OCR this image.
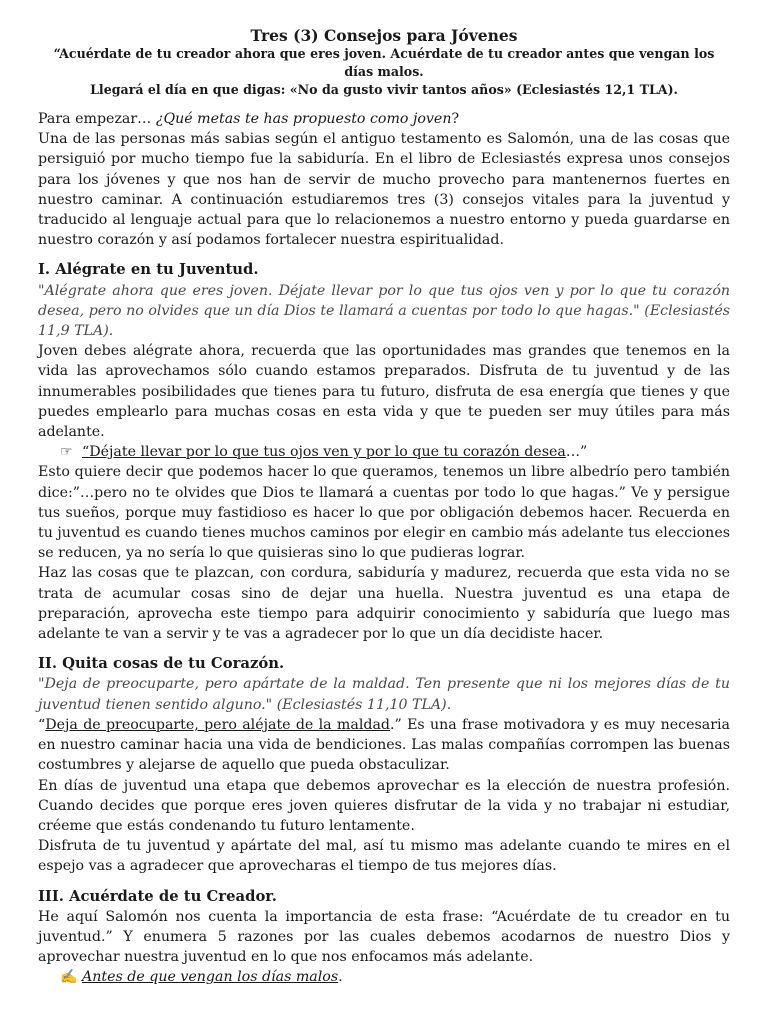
Tres (3) Consejos para Jóvenes

“Acuérdate de tu creador ahora que eres joven. Acuérdate de tu creador antes que vengan los días malos.
Llegará el día en que digas: «No da gusto vivir tantos años» (Eclesiastés 12,1 TLA).

Para empezar… ¿Qué metas te has propuesto como joven?

Una de las personas más sabias según el antiguo testamento es Salomón, una de las cosas que persiguió por mucho tiempo fue la sabiduría. En el libro de Eclesiastés expresa unos consejos para los jóvenes y que nos han de servir de mucho provecho para mantenernos fuertes en nuestro caminar. A continuación estudiaremos tres (3) consejos vitales para la juventud y traducido al lenguaje actual para que lo relacionemos a nuestro entorno y pueda guardarse en nuestro corazón y así podamos fortalecer nuestra espiritualidad.

I. Alégrate en tu Juventud.

"Alégrate ahora que eres joven. Déjate llevar por lo que tus ojos ven y por lo que tu corazón desea, pero no olvides que un día Dios te llamará a cuentas por todo lo que hagas." (Eclesiastés 11,9 TLA).

Joven debes alégrate ahora, recuerda que las oportunidades mas grandes que tenemos en la vida las aprovechamos sólo cuando estamos preparados. Disfruta de tu juventud y de las innumerables posibilidades que tienes para tu futuro, disfruta de esa energía que tienes y que puedes emplearlo para muchas cosas en esta vida y que te pueden ser muy útiles para más adelante.

☞ “Déjate llevar por lo que tus ojos ven y por lo que tu corazón desea…”

Esto quiere decir que podemos hacer lo que queramos, tenemos un libre albedrío pero también dice:”…pero no te olvides que Dios te llamará a cuentas por todo lo que hagas.” Ve y persigue tus sueños, porque muy fastidioso es hacer lo que por obligación debemos hacer. Recuerda en tu juventud es cuando tienes muchos caminos por elegir en cambio más adelante tus elecciones se reducen, ya no sería lo que quisieras sino lo que pudieras lograr.

Haz las cosas que te plazcan, con cordura, sabiduría y madurez, recuerda que esta vida no se trata de acumular cosas sino de dejar una huella. Nuestra juventud es una etapa de preparación, aprovecha este tiempo para adquirir conocimiento y sabiduría que luego mas adelante te van a servir y te vas a agradecer por lo que un día decidiste hacer.

II. Quita cosas de tu Corazón.

"Deja de preocuparte, pero apártate de la maldad. Ten presente que ni los mejores días de tu juventud tienen sentido alguno." (Eclesiastés 11,10 TLA).

“Deja de preocuparte, pero aléjate de la maldad.” Es una frase motivadora y es muy necesaria en nuestro caminar hacia una vida de bendiciones. Las malas compañías corrompen las buenas costumbres y alejarse de aquello que pueda obstaculizar.

En días de juventud una etapa que debemos aprovechar es la elección de nuestra profesión. Cuando decides que porque eres joven quieres disfrutar de la vida y no trabajar ni estudiar, créeme que estás condenando tu futuro lentamente.

Disfruta de tu juventud y apártate del mal, así tu mismo mas adelante cuando te mires en el espejo vas a agradecer que aprovecharas el tiempo de tus mejores días.

III. Acuérdate de tu Creador.

He aquí Salomón nos cuenta la importancia de esta frase: “Acuérdate de tu creador en tu juventud.” Y enumera 5 razones por las cuales debemos acodarnos de nuestro Dios y aprovechar nuestra juventud en lo que nos enfocamos más adelante.

✍ Antes de que vengan los días malos.
